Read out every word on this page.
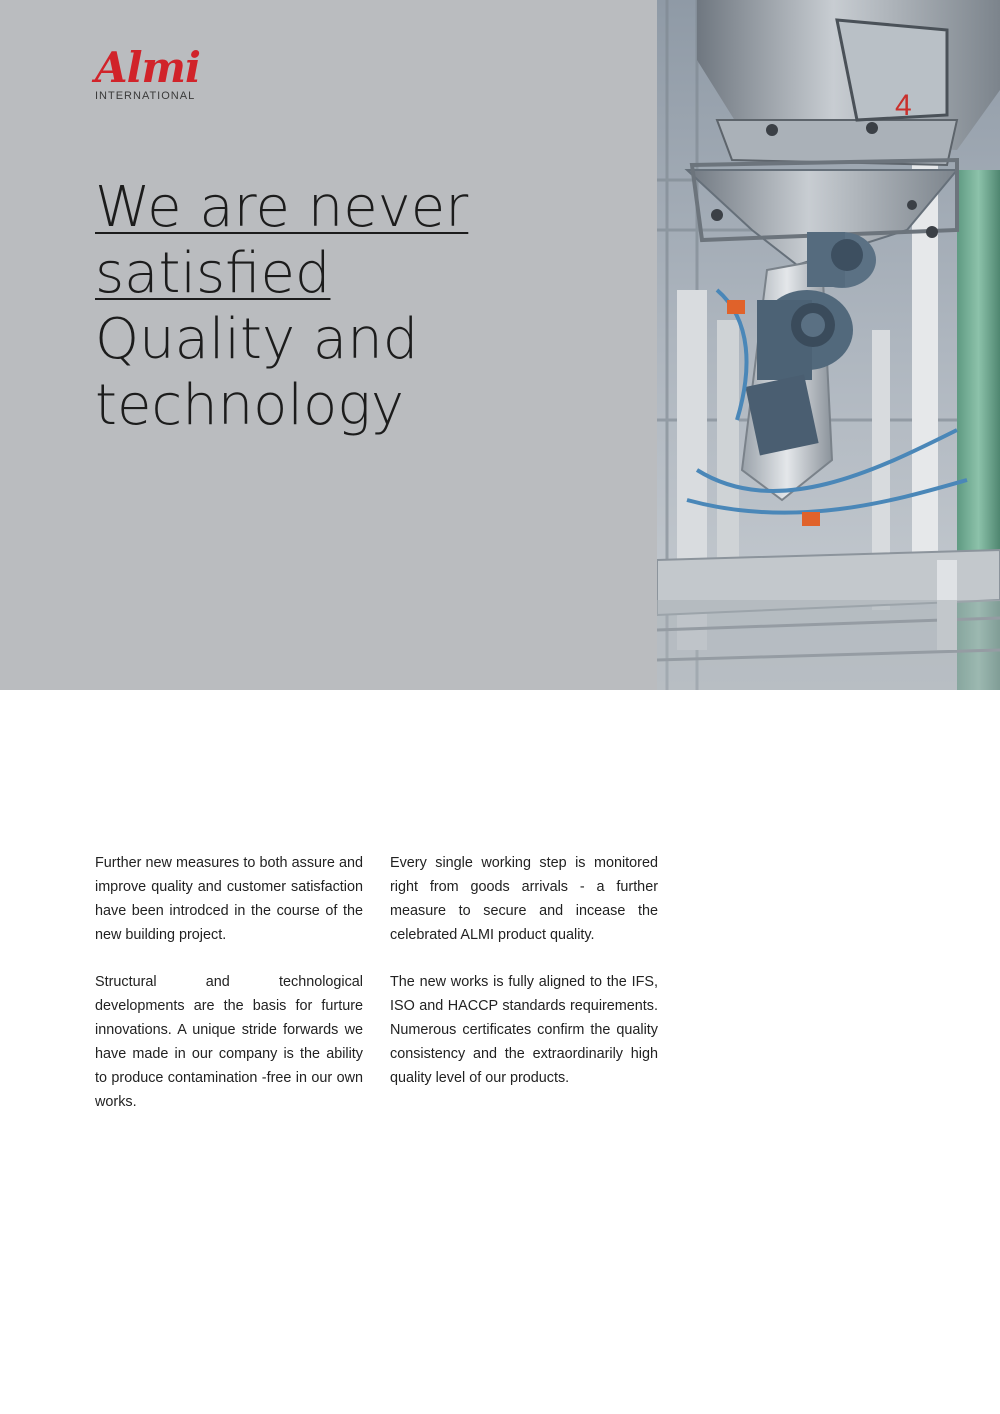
Almi
INTERNATIONAL
We are never
satisfied
Quality and
technology
4

Further new measures to both assure and improve quality and customer satisfaction have been introdced in the course of the new building project.

Structural and technological developments are the basis for furture innovations. A unique stride forwards we have made in our company is the ability to produce contamination -free in our own works.

Every single working step is monitored right from goods arrivals - a further measure to secure and incease the celebrated ALMI product quality.

The new works is fully aligned to the IFS, ISO and HACCP standards requirements. Numerous certificates confirm the quality consistency and the extraordinarily high quality level of our products.
